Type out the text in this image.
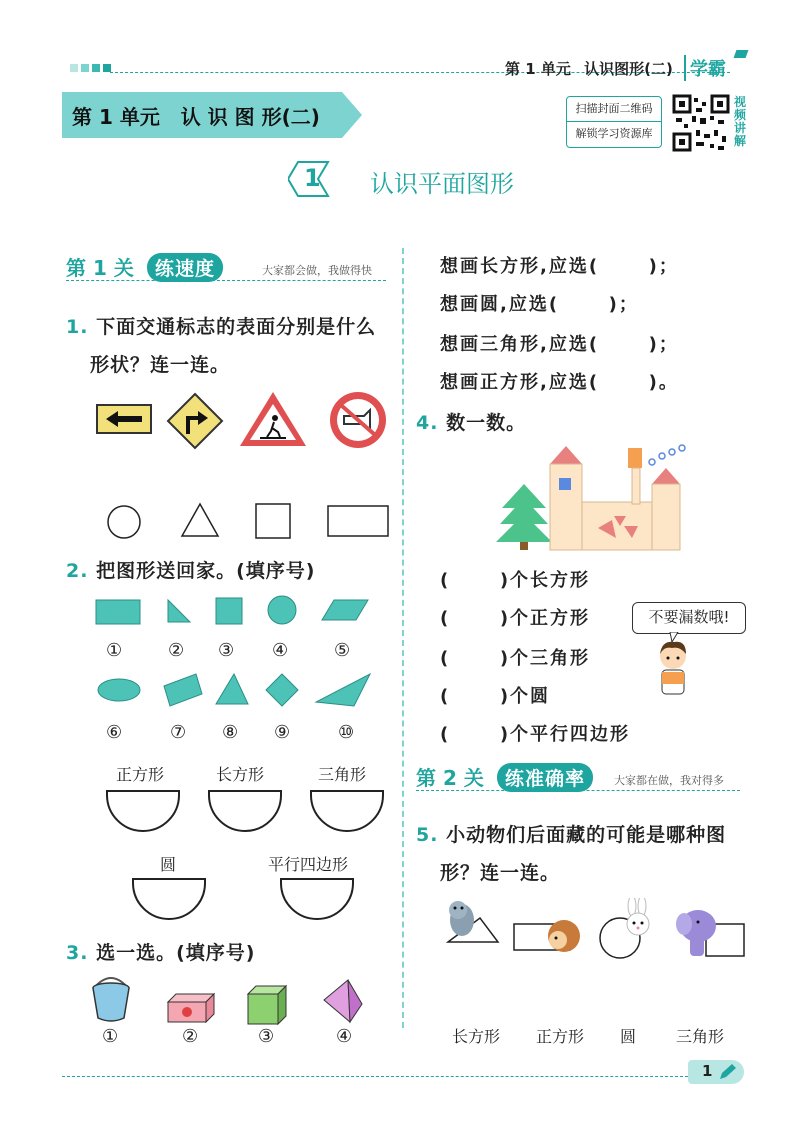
第 1 单元 认识图形(二) 学霸
第 1 单元   认 识 图 形(二)	扫描封面二维码
解锁学习资源库
视频讲解
1 认识平面图形
第 1 关 练速度	大家都会做，我做得快
1. 下面交通标志的表面分别是什么
形状？连一连。
2. 把图形送回家。(填序号)
①	② ③ ④	⑤
⑥	⑦ ⑧ ⑨	⑩
正方形	长方形	三角形
圆	平行四边形
3. 选一选。(填序号)
①	②	③	④
想画长方形,应选(      )；
想画圆,应选(      )；
想画三角形,应选(      )；
想画正方形,应选(      )。
4. 数一数。
(      )个长方形
(      )个正方形
(      )个三角形
(      )个圆
(      )个平行四边形
不要漏数哦!
第 2 关 练准确率	大家都在做，我对得多
5. 小动物们后面藏的可能是哪种图
形？连一连。
长方形 正方形 圆 三角形
1
